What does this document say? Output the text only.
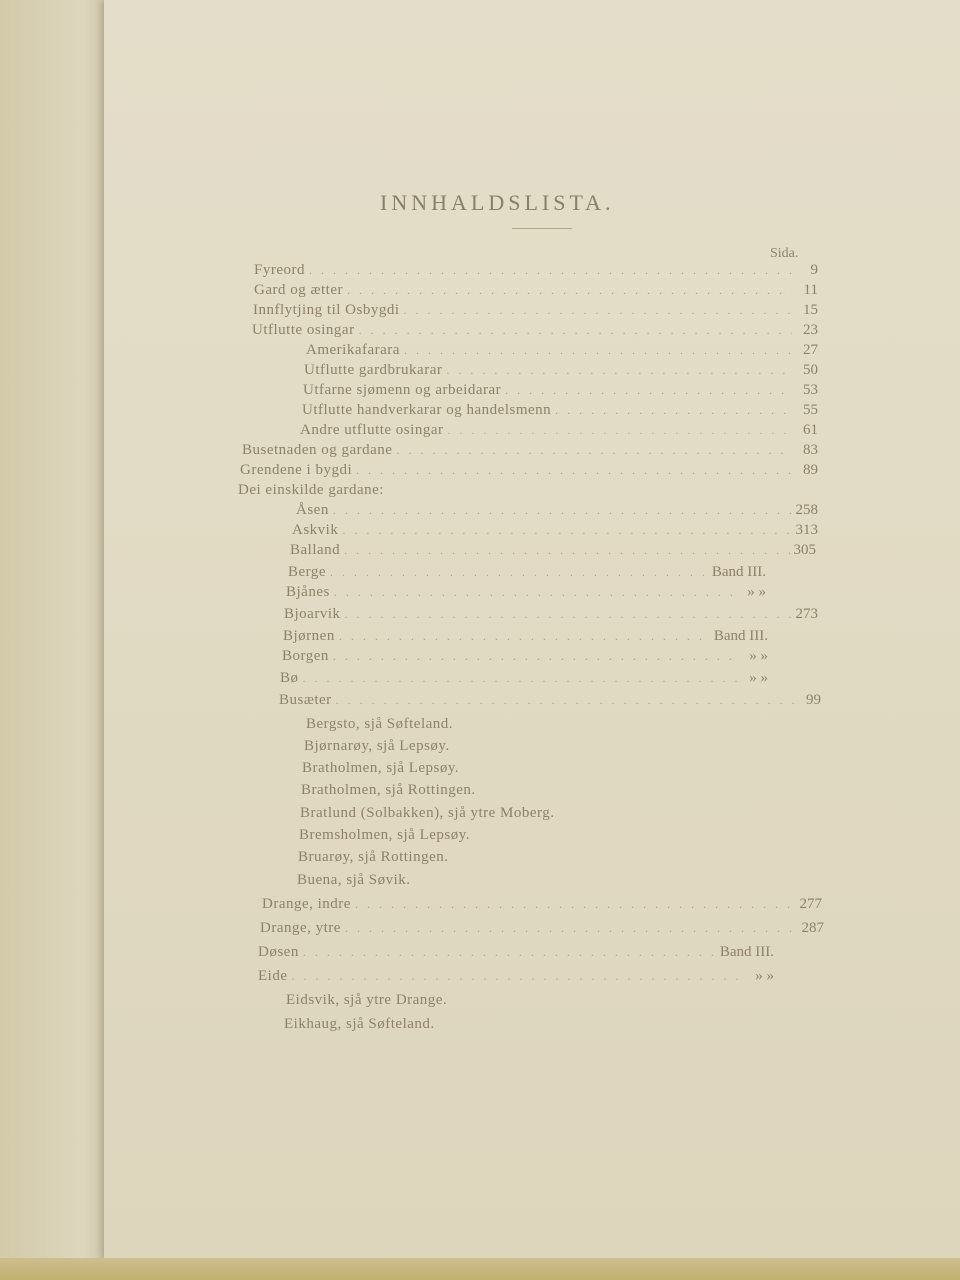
INNHALDSLISTA.
Sida.
Fyreord . . .	9
Gard og ætter . . .	11
Innflytjing til Osbygdi . . .	15
Utflutte osingar . . .	23
Amerikafarara . . .	27
Utflutte gardbrukarar . . .	50
Utfarne sjømenn og arbeidarar . . .	53
Utflutte handverkarar og handelsmenn . . .	55
Andre utflutte osingar . . .	61
Busetnaden og gardane . . .	83
Grendene i bygdi . . .	89
Dei einskilde gardane:
Åsen . . .	258
Askvik . . .	313
Balland . . .	305
Berge . . .	Band III.
Bjånes . . .	» »
Bjoarvik . . .	273
Bjørnen . . .	Band III.
Borgen . . .	» »
Bø . . .	» »
Busæter . . .	99
Bergsto, sjå Søfteland.
Bjørnarøy, sjå Lepsøy.
Bratholmen, sjå Lepsøy.
Bratholmen, sjå Rottingen.
Bratlund (Solbakken), sjå ytre Moberg.
Bremsholmen, sjå Lepsøy.
Bruarøy, sjå Rottingen.
Buena, sjå Søvik.
Drange, indre . . .	277
Drange, ytre . . .	287
Døsen . . .	Band III.
Eide . . .	» »
Eidsvik, sjå ytre Drange.
Eikhaug, sjå Søfteland.
